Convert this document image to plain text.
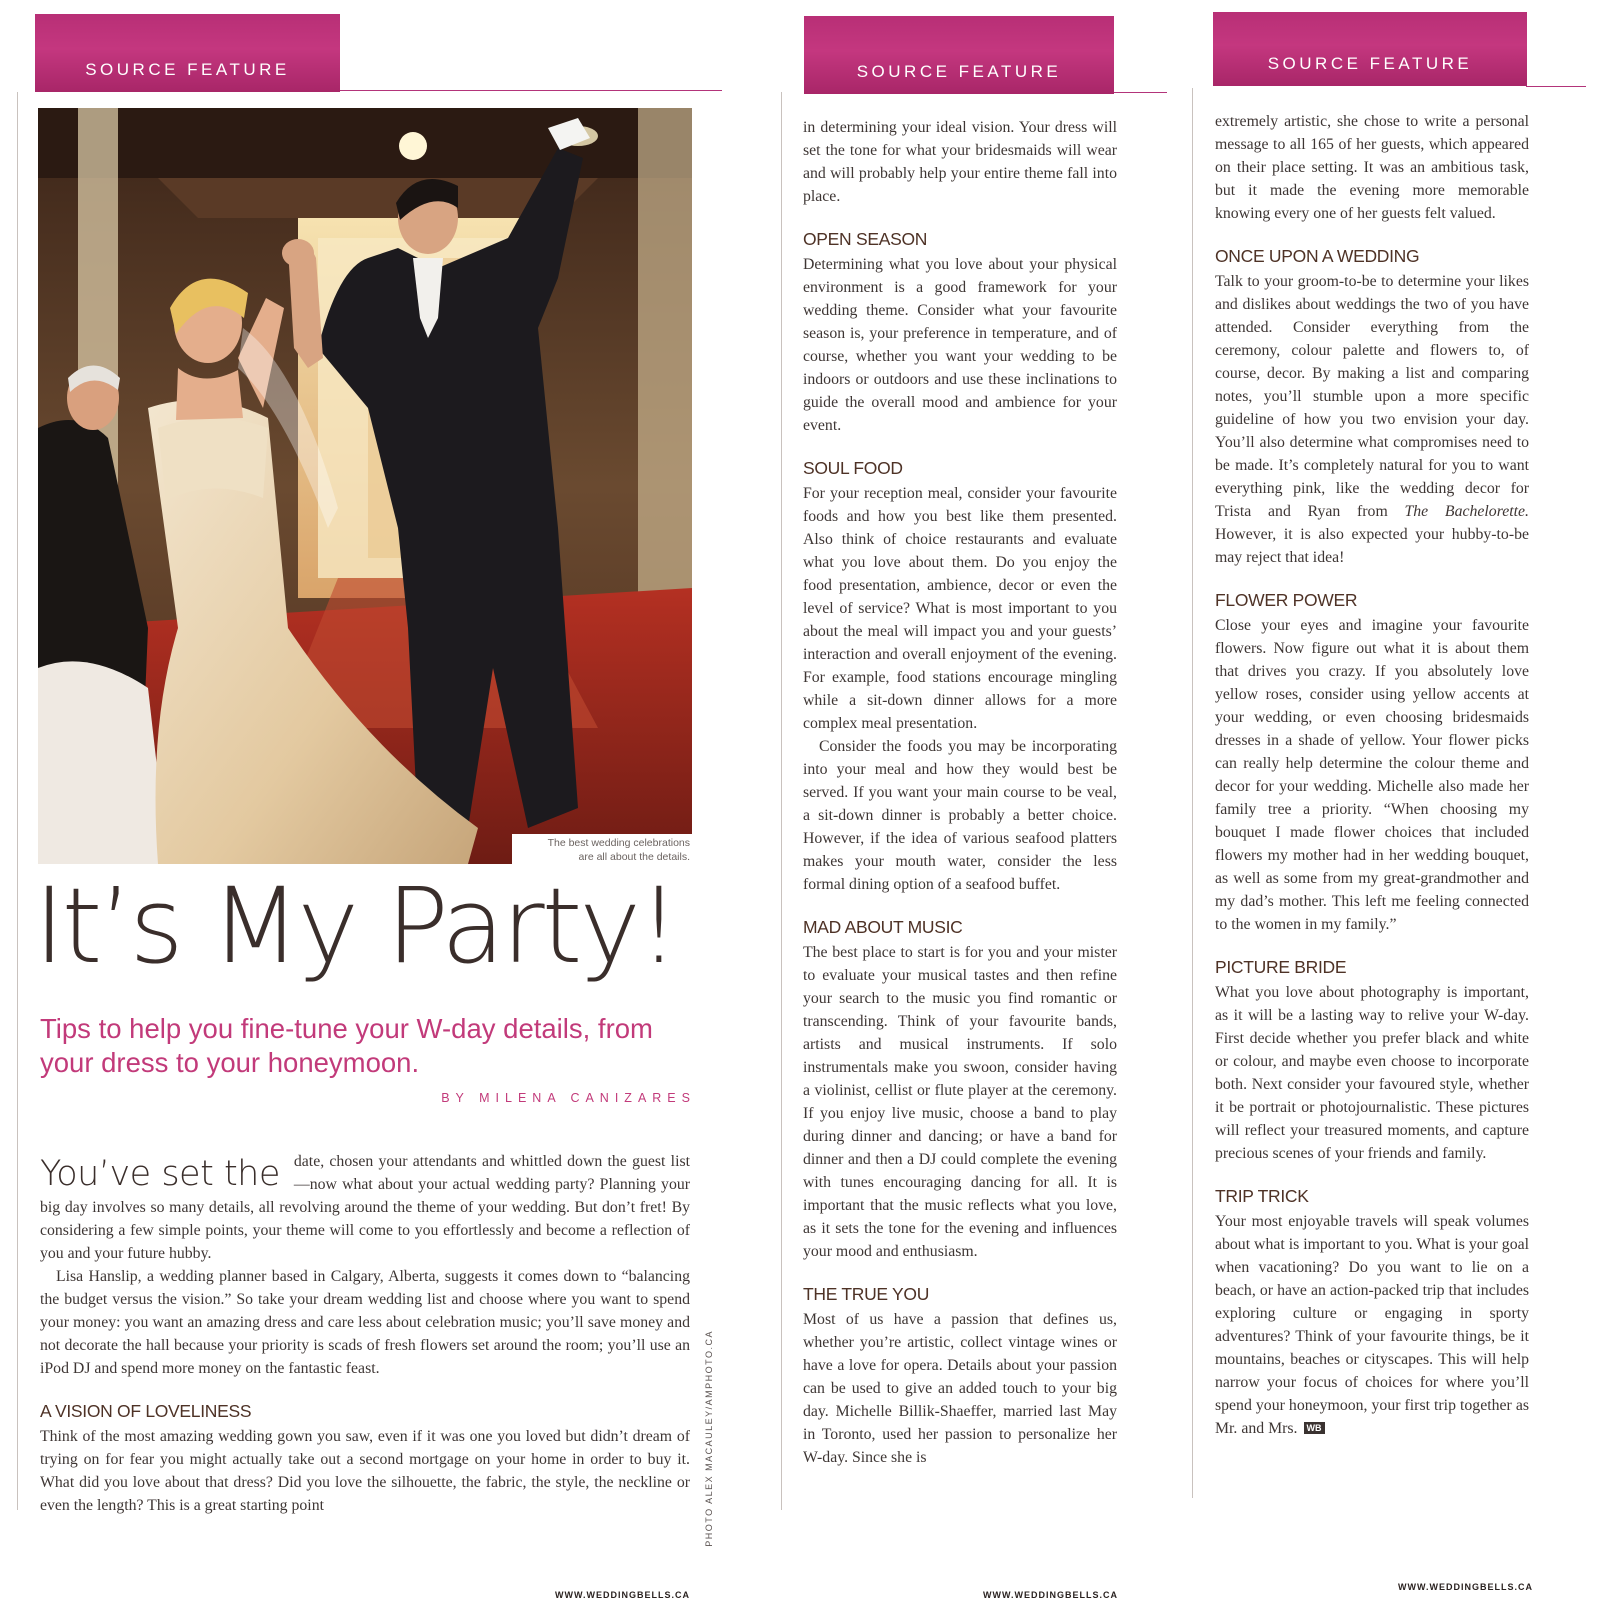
SOURCE FEATURE
The best wedding celebrations
are all about the details.
It’s My Party!
Tips to help you fine-tune your W-day details, from your dress to your honeymoon.
BY MILENA CANIZARES

You’ve set the date, chosen your attendants and whittled down the guest list—now what about your actual wedding party? Planning your big day involves so many details, all revolving around the theme of your wedding. But don’t fret! By considering a few simple points, your theme will come to you effortlessly and become a reflection of you and your future hubby.

Lisa Hanslip, a wedding planner based in Calgary, Alberta, suggests it comes down to “balancing the budget versus the vision.” So take your dream wedding list and choose where you want to spend your money: you want an amazing dress and care less about celebration music; you’ll save money and not decorate the hall because your priority is scads of fresh flowers set around the room; you’ll use an iPod DJ and spend more money on the fantastic feast.

A VISION OF LOVELINESS

Think of the most amazing wedding gown you saw, even if it was one you loved but didn’t dream of trying on for fear you might actually take out a second mortgage on your home in order to buy it. What did you love about that dress? Did you love the silhouette, the fabric, the style, the neckline or even the length? This is a great starting point	PHOTO ALEX MACAULEY/AMPHOTO.CA
WWW.WEDDINGBELLS.CA
SOURCE FEATURE

in determining your ideal vision. Your dress will set the tone for what your bridesmaids will wear and will probably help your entire theme fall into place.

OPEN SEASON

Determining what you love about your physical environment is a good framework for your wedding theme. Consider what your favourite season is, your preference in temperature, and of course, whether you want your wedding to be indoors or outdoors and use these inclinations to guide the overall mood and ambience for your event.

SOUL FOOD

For your reception meal, consider your favourite foods and how you best like them presented. Also think of choice restaurants and evaluate what you love about them. Do you enjoy the food presentation, ambience, decor or even the level of service? What is most important to you about the meal will impact you and your guests’ interaction and overall enjoyment of the evening. For example, food stations encourage mingling while a sit-down dinner allows for a more complex meal presentation.

Consider the foods you may be incorporating into your meal and how they would best be served. If you want your main course to be veal, a sit-down dinner is probably a better choice. However, if the idea of various seafood platters makes your mouth water, consider the less formal dining option of a seafood buffet.

MAD ABOUT MUSIC

The best place to start is for you and your mister to evaluate your musical tastes and then refine your search to the music you find romantic or transcending. Think of your favourite bands, artists and musical instruments. If solo instrumentals make you swoon, consider having a violinist, cellist or flute player at the ceremony. If you enjoy live music, choose a band to play during dinner and dancing; or have a band for dinner and then a DJ could complete the evening with tunes encouraging dancing for all. It is important that the music reflects what you love, as it sets the tone for the evening and influences your mood and enthusiasm.

THE TRUE YOU

Most of us have a passion that defines us, whether you’re artistic, collect vintage wines or have a love for opera. Details about your passion can be used to give an added touch to your big day. Michelle Billik-Shaeffer, married last May in Toronto, used her passion to personalize her W-day. Since she is

WWW.WEDDINGBELLS.CA
SOURCE FEATURE

extremely artistic, she chose to write a personal message to all 165 of her guests, which appeared on their place setting. It was an ambitious task, but it made the evening more memorable knowing every one of her guests felt valued.

ONCE UPON A WEDDING

Talk to your groom-to-be to determine your likes and dislikes about weddings the two of you have attended. Consider everything from the ceremony, colour palette and flowers to, of course, decor. By making a list and comparing notes, you’ll stumble upon a more specific guideline of how you two envision your day. You’ll also determine what compromises need to be made. It’s completely natural for you to want everything pink, like the wedding decor for Trista and Ryan from The Bachelorette. However, it is also expected your hubby-to-be may reject that idea!

FLOWER POWER

Close your eyes and imagine your favourite flowers. Now figure out what it is about them that drives you crazy. If you absolutely love yellow roses, consider using yellow accents at your wedding, or even choosing bridesmaids dresses in a shade of yellow. Your flower picks can really help determine the colour theme and decor for your wedding. Michelle also made her family tree a priority. “When choosing my bouquet I made flower choices that included flowers my mother had in her wedding bouquet, as well as some from my great-grandmother and my dad’s mother. This left me feeling connected to the women in my family.”

PICTURE BRIDE

What you love about photography is important, as it will be a lasting way to relive your W-day. First decide whether you prefer black and white or colour, and maybe even choose to incorporate both. Next consider your favoured style, whether it be portrait or photojournalistic. These pictures will reflect your treasured moments, and capture precious scenes of your friends and family.

TRIP TRICK

Your most enjoyable travels will speak volumes about what is important to you. What is your goal when vacationing? Do you want to lie on a beach, or have an action-packed trip that includes exploring culture or engaging in sporty adventures? Think of your favourite things, be it mountains, beaches or cityscapes. This will help narrow your focus of choices for where you’ll spend your honeymoon, your first trip together as Mr. and Mrs. WB

WWW.WEDDINGBELLS.CA
